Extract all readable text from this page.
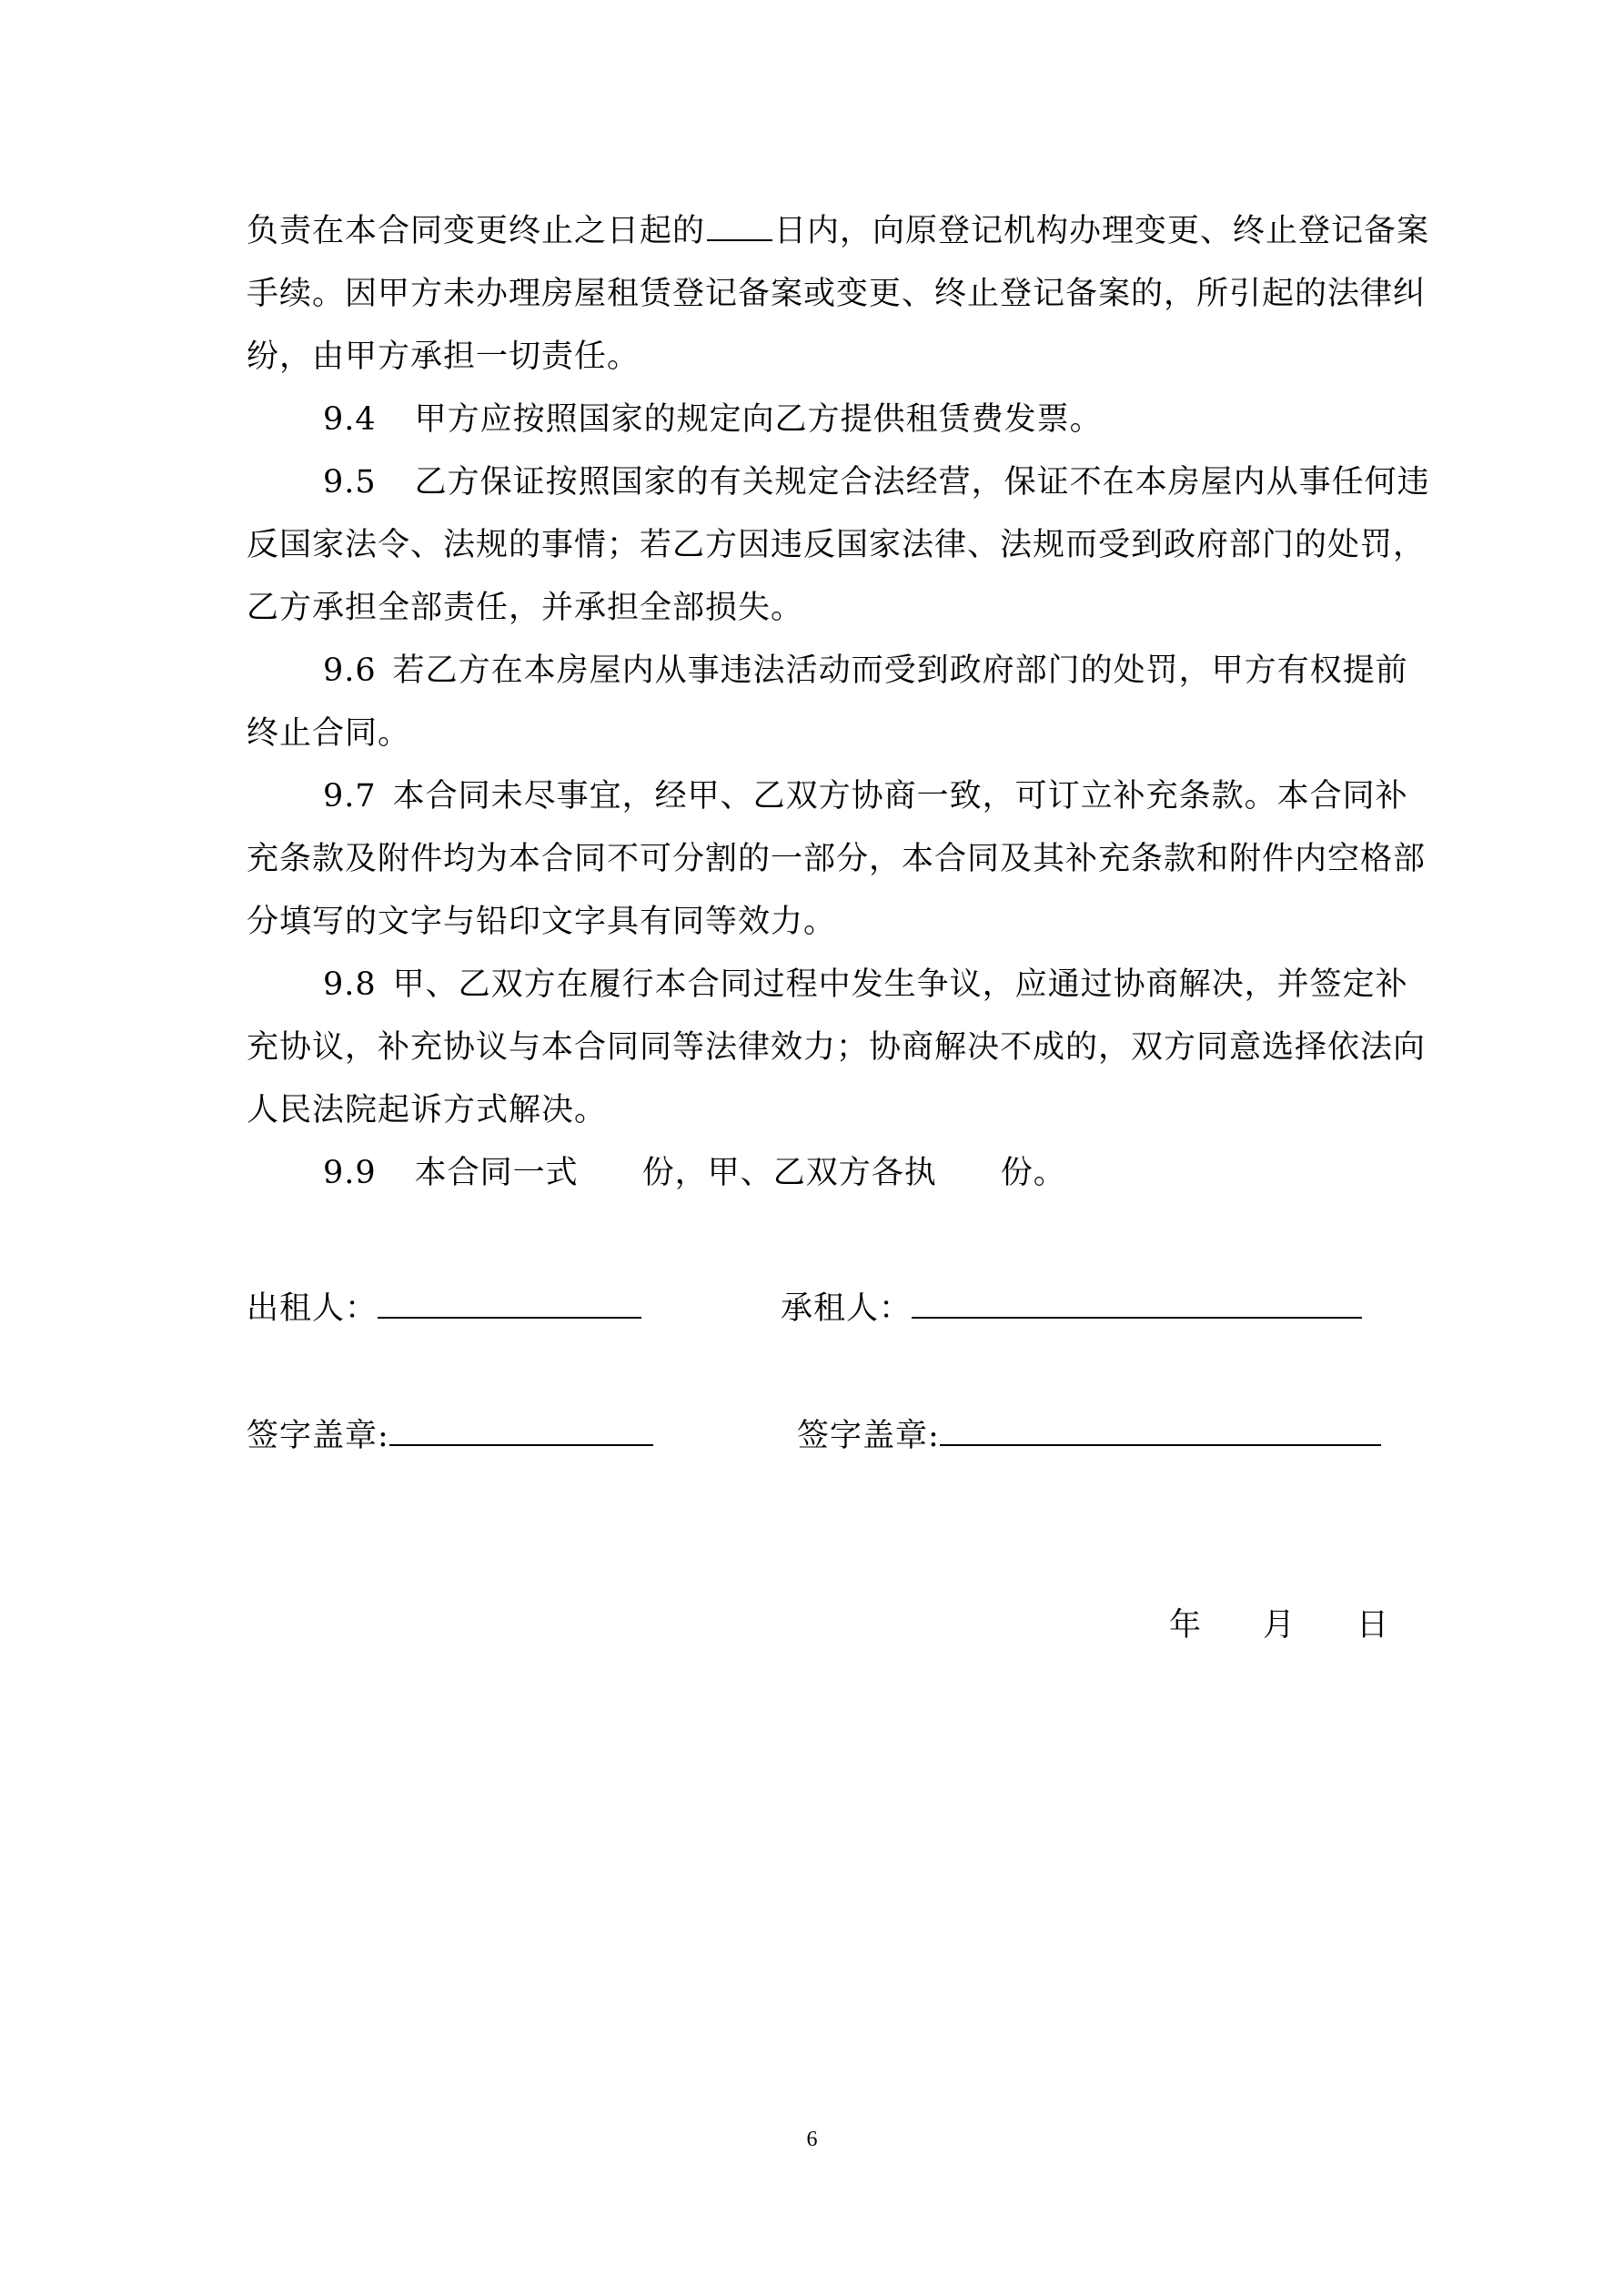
负责在本合同变更终止之日起的 日内，向原登记机构办理变更、终止登记备案
手续。因甲方未办理房屋租赁登记备案或变更、终止登记备案的，所引起的法律纠
纷，由甲方承担一切责任。
9.4 甲方应按照国家的规定向乙方提供租赁费发票。
9.5 乙方保证按照国家的有关规定合法经营，保证不在本房屋内从事任何违
反国家法令、法规的事情；若乙方因违反国家法律、法规而受到政府部门的处罚，
乙方承担全部责任，并承担全部损失。
9.6 若乙方在本房屋内从事违法活动而受到政府部门的处罚，甲方有权提前
终止合同。
9.7 本合同未尽事宜，经甲、乙双方协商一致，可订立补充条款。本合同补
充条款及附件均为本合同不可分割的一部分，本合同及其补充条款和附件内空格部
分填写的文字与铅印文字具有同等效力。
9.8 甲、乙双方在履行本合同过程中发生争议，应通过协商解决，并签定补
充协议，补充协议与本合同同等法律效力；协商解决不成的，双方同意选择依法向
人民法院起诉方式解决。
9.9 本合同一式 份，甲、乙双方各执 份。
出租人：	承租人：
签字盖章:	签字盖章:
年 月 日
6
